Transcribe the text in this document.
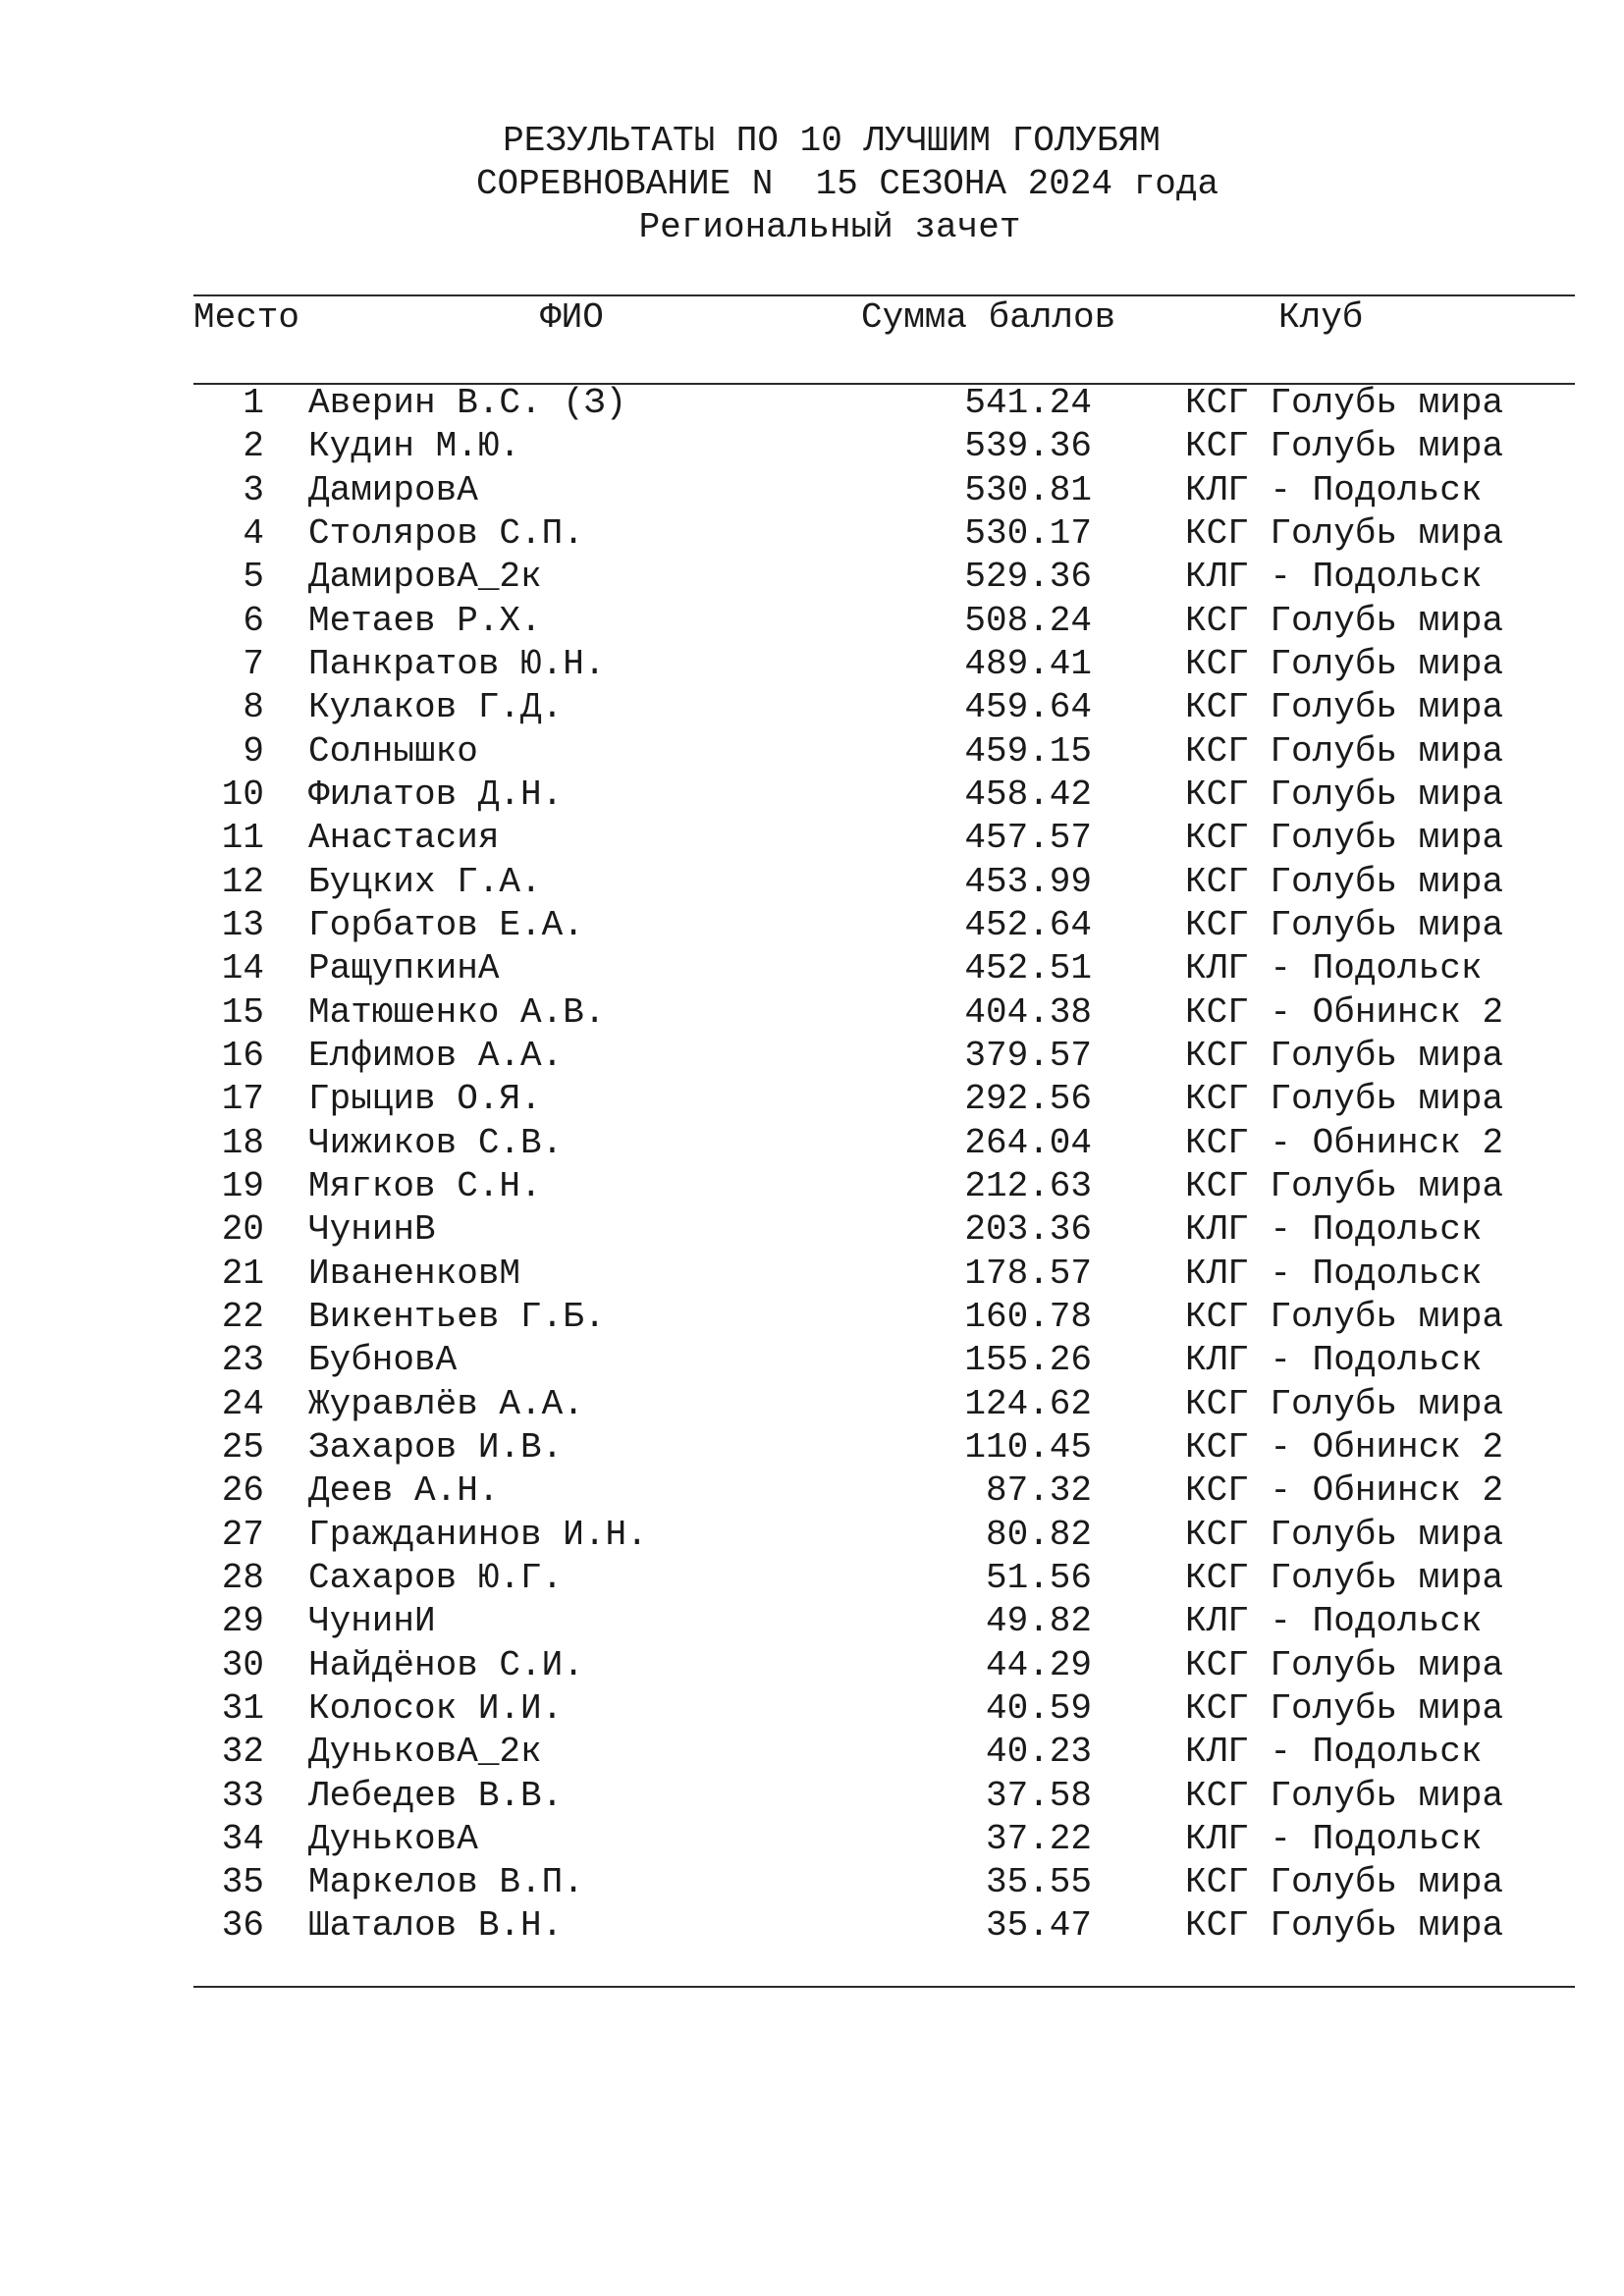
РЕЗУЛЬТАТЫ ПО 10 ЛУЧШИМ ГОЛУБЯМ
СОРЕВНОВАНИЕ N  15 СЕЗОНА 2024 года
Региональный зачет
Место	ФИО	Сумма баллов	Клуб
1 Аверин В.С. (З)	541.24	КСГ Голубь мира
2 Кудин М.Ю.	539.36	КСГ Голубь мира
3 ДамировА	530.81	КЛГ - Подольск
4 Столяров С.П.	530.17	КСГ Голубь мира
5 ДамировА_2к	529.36	КЛГ - Подольск
6 Метаев Р.Х.	508.24	КСГ Голубь мира
7 Панкратов Ю.Н.	489.41	КСГ Голубь мира
8 Кулаков Г.Д.	459.64	КСГ Голубь мира
9 Солнышко	459.15	КСГ Голубь мира
10 Филатов Д.Н.	458.42	КСГ Голубь мира
11 Анастасия	457.57	КСГ Голубь мира
12 Буцких Г.А.	453.99	КСГ Голубь мира
13 Горбатов Е.А.	452.64	КСГ Голубь мира
14 РащупкинА	452.51	КЛГ - Подольск
15 Матюшенко А.В.	404.38	КСГ - Обнинск 2
16 Елфимов А.А.	379.57	КСГ Голубь мира
17 Грыцив О.Я.	292.56	КСГ Голубь мира
18 Чижиков С.В.	264.04	КСГ - Обнинск 2
19 Мягков С.Н.	212.63	КСГ Голубь мира
20 ЧунинВ	203.36	КЛГ - Подольск
21 ИваненковМ	178.57	КЛГ - Подольск
22 Викентьев Г.Б.	160.78	КСГ Голубь мира
23 БубновА	155.26	КЛГ - Подольск
24 Журавлёв А.А.	124.62	КСГ Голубь мира
25 Захаров И.В.	110.45	КСГ - Обнинск 2
26 Деев А.Н.	87.32	КСГ - Обнинск 2
27 Гражданинов И.Н.	80.82	КСГ Голубь мира
28 Сахаров Ю.Г.	51.56	КСГ Голубь мира
29 ЧунинИ	49.82	КЛГ - Подольск
30 Найдёнов С.И.	44.29	КСГ Голубь мира
31 Колосок И.И.	40.59	КСГ Голубь мира
32 ДуньковА_2к	40.23	КЛГ - Подольск
33 Лебедев В.В.	37.58	КСГ Голубь мира
34 ДуньковА	37.22	КЛГ - Подольск
35 Маркелов В.П.	35.55	КСГ Голубь мира
36 Шаталов В.Н.	35.47	КСГ Голубь мира
